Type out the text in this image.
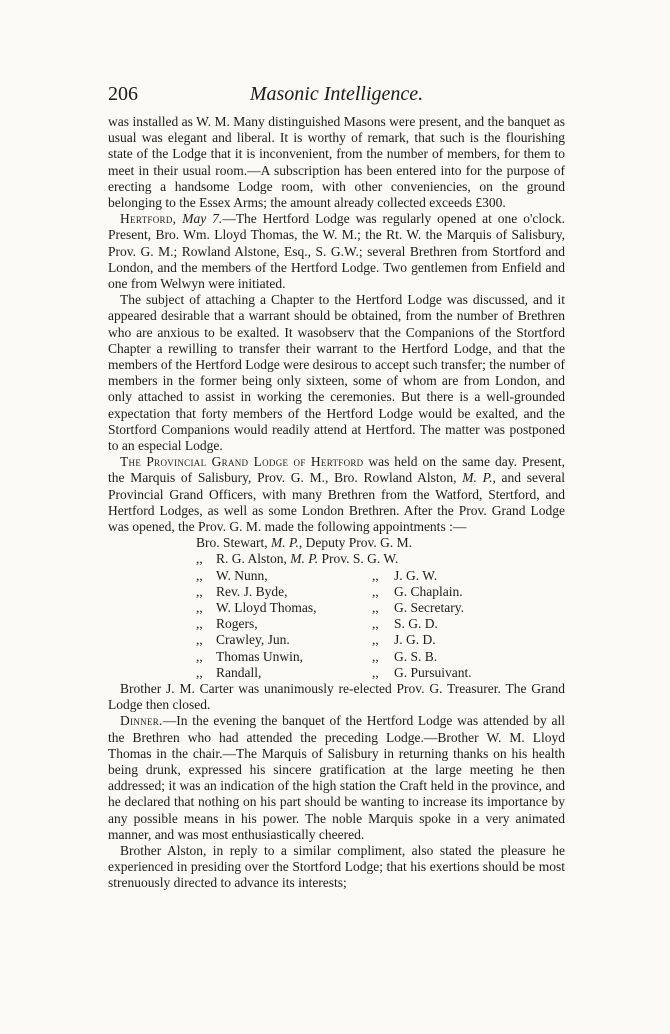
206	Masonic Intelligence.

was installed as W. M. Many distinguished Masons were present, and the banquet as usual was elegant and liberal. It is worthy of remark, that such is the flourishing state of the Lodge that it is inconvenient, from the number of members, for them to meet in their usual room.—A subscription has been entered into for the purpose of erecting a handsome Lodge room, with other conveniencies, on the ground belonging to the Essex Arms; the amount already collected exceeds £300.

Hertford, May 7.—The Hertford Lodge was regularly opened at one o'clock. Present, Bro. Wm. Lloyd Thomas, the W. M.; the Rt. W. the Marquis of Salisbury, Prov. G. M.; Rowland Alstone, Esq., S. G.W.; several Brethren from Stortford and London, and the members of the Hertford Lodge. Two gentlemen from Enfield and one from Welwyn were initiated.

The subject of attaching a Chapter to the Hertford Lodge was discussed, and it appeared desirable that a warrant should be obtained, from the number of Brethren who are anxious to be exalted. It wasobserv that the Companions of the Stortford Chapter a rewilling to transfer their warrant to the Hertford Lodge, and that the members of the Hertford Lodge were desirous to accept such transfer; the number of members in the former being only sixteen, some of whom are from London, and only attached to assist in working the ceremonies. But there is a well-grounded expectation that forty members of the Hertford Lodge would be exalted, and the Stortford Companions would readily attend at Hertford. The matter was postponed to an especial Lodge.

The Provincial Grand Lodge of Hertford was held on the same day. Present, the Marquis of Salisbury, Prov. G. M., Bro. Rowland Alston, M. P., and several Provincial Grand Officers, with many Brethren from the Watford, Stertford, and Hertford Lodges, as well as some London Brethren. After the Prov. Grand Lodge was opened, the Prov. G. M. made the following appointments :—

Bro. Stewart, M. P., Deputy Prov. G. M.
,, R. G. Alston, M. P. Prov. S. G. W.
,, W. Nunn,	,,	J. G. W.
,, Rev. J. Byde,	,,	G. Chaplain.
,, W. Lloyd Thomas,	,,	G. Secretary.
,, Rogers,	,,	S. G. D.
,, Crawley, Jun.	,,	J. G. D.
,, Thomas Unwin,	,,	G. S. B.
,, Randall,	,,	G. Pursuivant.

Brother J. M. Carter was unanimously re-elected Prov. G. Treasurer. The Grand Lodge then closed.

Dinner.—In the evening the banquet of the Hertford Lodge was attended by all the Brethren who had attended the preceding Lodge.—Brother W. M. Lloyd Thomas in the chair.—The Marquis of Salisbury in returning thanks on his health being drunk, expressed his sincere gratification at the large meeting he then addressed; it was an indication of the high station the Craft held in the province, and he declared that nothing on his part should be wanting to increase its importance by any possible means in his power. The noble Marquis spoke in a very animated manner, and was most enthusiastically cheered.

Brother Alston, in reply to a similar compliment, also stated the pleasure he experienced in presiding over the Stortford Lodge; that his exertions should be most strenuously directed to advance its interests;
